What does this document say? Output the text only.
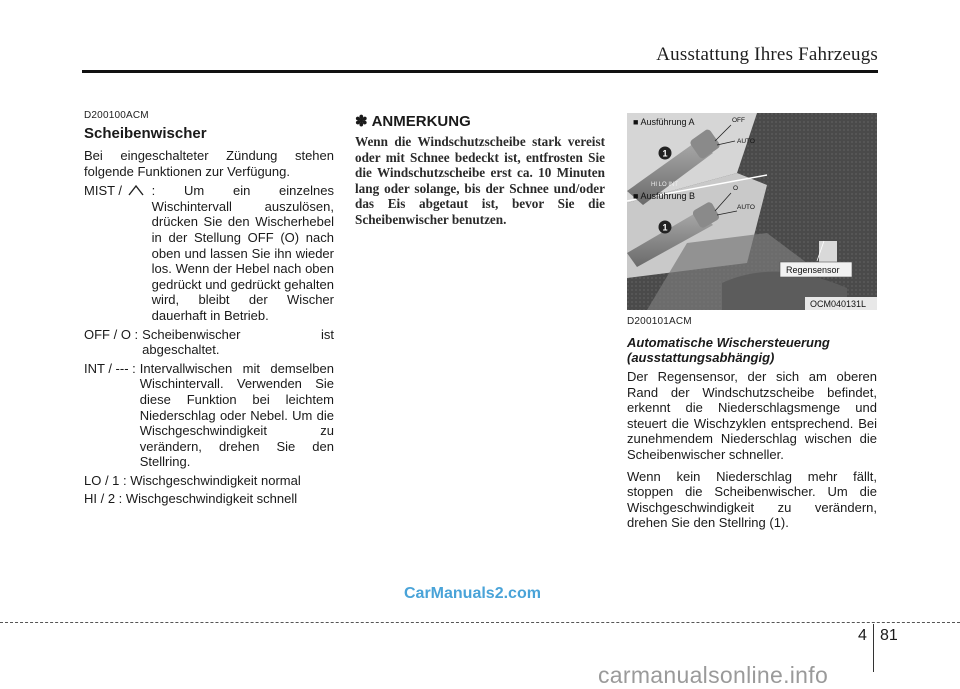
Ausstattung Ihres Fahrzeugs
D200100ACM
Scheibenwischer

Bei eingeschalteter Zündung stehen folgende Funktionen zur Verfügung.

MIST /	: Um ein einzelnes Wischintervall auszulösen, drücken Sie den Wischerhebel in der Stellung OFF (O) nach oben und lassen Sie ihn wieder los. Wenn der Hebel nach oben gedrückt und gedrückt gehalten wird, bleibt der Wischer dauerhaft in Betrieb.
OFF / O : Scheibenwischer ist abgeschaltet.
INT / --- : Intervallwischen mit demselben Wischintervall. Verwenden Sie diese Funktion bei leichtem Niederschlag oder Nebel. Um die Wischgeschwindigkeit zu verändern, drehen Sie den Stellring.
LO / 1 : Wischgeschwindigkeit normal
HI / 2 : Wischgeschwindigkeit schnell
✽ ANMERKUNG
Wenn die Windschutzscheibe stark vereist oder mit Schnee bedeckt ist, entfrosten Sie die Windschutzscheibe erst ca. 10 Minuten lang oder solange, bis der Schnee und/oder das Eis abgetaut ist, bevor Sie die Scheibenwischer benutzen.
HI LO INT
1
■ Ausführung A	OFF
AUTO
1
■ Ausführung B
O
AUTO
Regensensor
OCM040131L
D200101ACM
Automatische Wischersteuerung (ausstattungsabhängig)

Der Regensensor, der sich am oberen Rand der Windschutzscheibe befindet, erkennt die Niederschlagsmenge und steuert die Wischzyklen entsprechend. Bei zunehmendem Niederschlag wischen die Scheibenwischer schneller.

Wenn kein Niederschlag mehr fällt, stoppen die Scheibenwischer. Um die Wischgeschwindigkeit zu verändern, drehen Sie den Stellring (1).

CarManuals2.com
4 81
carmanualsonline.info
